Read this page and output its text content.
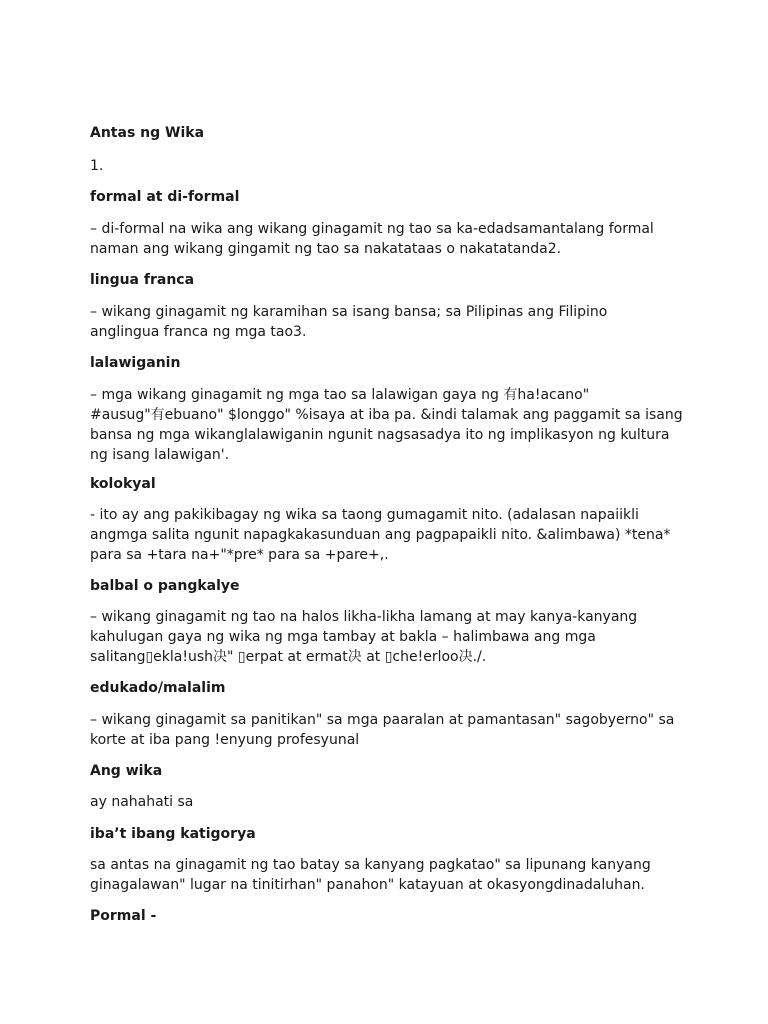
Antas ng Wika
1.
formal at di-formal
– di-formal na wika ang wikang ginagamit ng tao sa ka-edadsamantalang formal
naman ang wikang gingamit ng tao sa nakatataas o nakatatanda2.
lingua franca
– wikang ginagamit ng karamihan sa isang bansa; sa Pilipinas ang Filipino
anglingua franca ng mga tao3.
lalawiganin
– mga wikang ginagamit ng mga tao sa lalawigan gaya ng 有ha!acano"
#ausug"有ebuano" $longgo" %isaya at iba pa. &indi talamak ang paggamit sa isang
bansa ng mga wikanglalawiganin ngunit nagsasadya ito ng implikasyon ng kultura
ng isang lalawigan'.
kolokyal
- ito ay ang pakikibagay ng wika sa taong gumagamit nito. (adalasan napaiikli
angmga salita ngunit napagkakasunduan ang pagpapaikli nito. &alimbawa) *tena*
para sa +tara na+"*pre* para sa +pare+,.
balbal o pangkalye
– wikang ginagamit ng tao na halos likha-likha lamang at may kanya-kanyang
kahulugan gaya ng wika ng mga tambay at bakla – halimbawa ang mga
salitang▯ekla!ush决" ▯erpat at ermat决 at ▯che!erloo决./.
edukado/malalim
– wikang ginagamit sa panitikan" sa mga paaralan at pamantasan" sagobyerno" sa
korte at iba pang !enyung profesyunal
Ang wika
ay nahahati sa
iba’t ibang katigorya
sa antas na ginagamit ng tao batay sa kanyang pagkatao" sa lipunang kanyang
ginagalawan" lugar na tinitirhan" panahon" katayuan at okasyongdinadaluhan.
Pormal -
